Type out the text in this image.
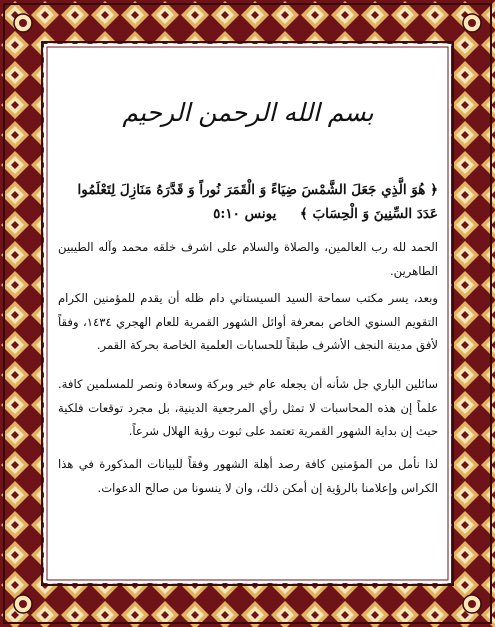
بسم الله الرحمن الرحيم
﴿ هُوَ الَّذِي جَعَلَ الشَّمْسَ ضِيَاءً وَ الْقَمَرَ نُوراً وَ قَدَّرَهُ مَنَازِلَ لِتَعْلَمُوا
عَدَدَ السِّنِينَ وَ الْحِسَابَ ﴾     يونس ٥:١٠
الحمد لله رب العالمين، والصلاة والسلام على اشرف خلقه محمد وآله الطيبين الطاهرين.
وبعد، يسر مكتب سماحة السيد السيستاني دام ظله أن يقدم للمؤمنين الكرام التقويم السنوي الخاص بمعرفة أوائل الشهور القمرية للعام الهجري ١٤٣٤، وفقاً لأفق مدينة النجف الأشرف طبقاً للحسابات العلمية الخاصة بحركة القمر.
سائلين الباري جل شأنه أن يجعله عام خير وبركة وسعادة ونصر للمسلمين كافة. علماً إن هذه المحاسبات لا تمثل رأي المرجعية الدينية، بل مجرد توقعات فلكية حيث إن بداية الشهور القمرية تعتمد على ثبوت رؤية الهلال شرعاً.
لذا نأمل من المؤمنين كافة رصد أهلة الشهور وفقاً للبيانات المذكورة في هذا الكراس وإعلامنا بالرؤية إن أمكن ذلك، وان لا ينسونا من صالح الدعوات.
